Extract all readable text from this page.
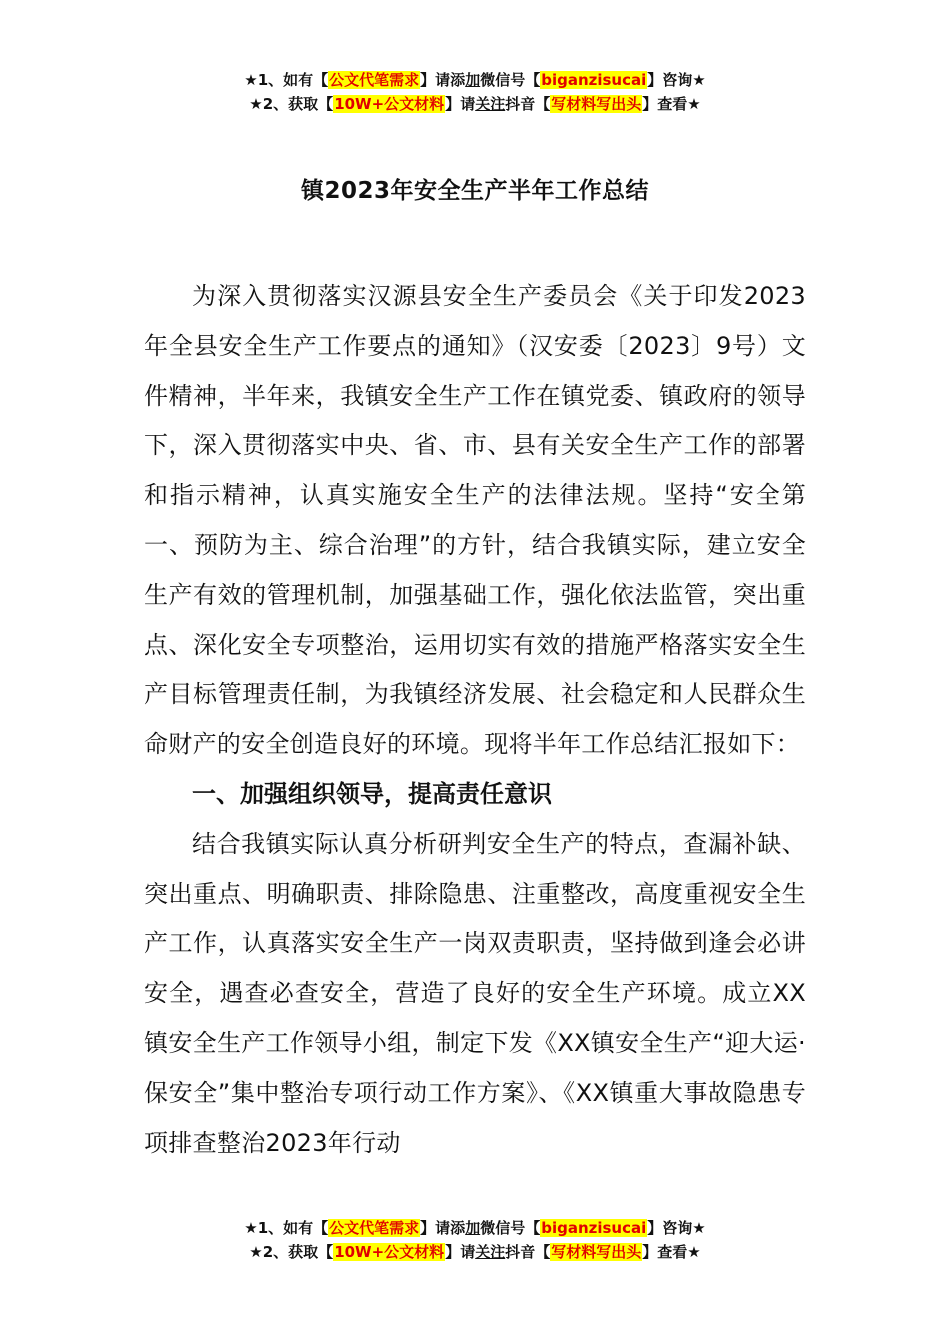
★1、如有【公文代笔需求】请添加微信号【biganzisucai】咨询★
★2、获取【10W+公文材料】请关注抖音【写材料写出头】查看★
镇2023年安全生产半年工作总结

为深入贯彻落实汉源县安全生产委员会《关于印发2023年全县安全生产工作要点的通知》（汉安委〔2023〕9号）文件精神，半年来，我镇安全生产工作在镇党委、镇政府的领导下，深入贯彻落实中央、省、市、县有关安全生产工作的部署和指示精神，认真实施安全生产的法律法规。坚持“安全第一、预防为主、综合治理”的方针，结合我镇实际，建立安全生产有效的管理机制，加强基础工作，强化依法监管，突出重点、深化安全专项整治，运用切实有效的措施严格落实安全生产目标管理责任制，为我镇经济发展、社会稳定和人民群众生命财产的安全创造良好的环境。现将半年工作总结汇报如下：

一、加强组织领导，提高责任意识

结合我镇实际认真分析研判安全生产的特点，查漏补缺、突出重点、明确职责、排除隐患、注重整改，高度重视安全生产工作，认真落实安全生产一岗双责职责，坚持做到逢会必讲安全，遇查必查安全，营造了良好的安全生产环境。成立XX镇安全生产工作领导小组，制定下发《XX镇安全生产“迎大运·保安全”集中整治专项行动工作方案》、《XX镇重大事故隐患专项排查整治2023年行动

★1、如有【公文代笔需求】请添加微信号【biganzisucai】咨询★
★2、获取【10W+公文材料】请关注抖音【写材料写出头】查看★
